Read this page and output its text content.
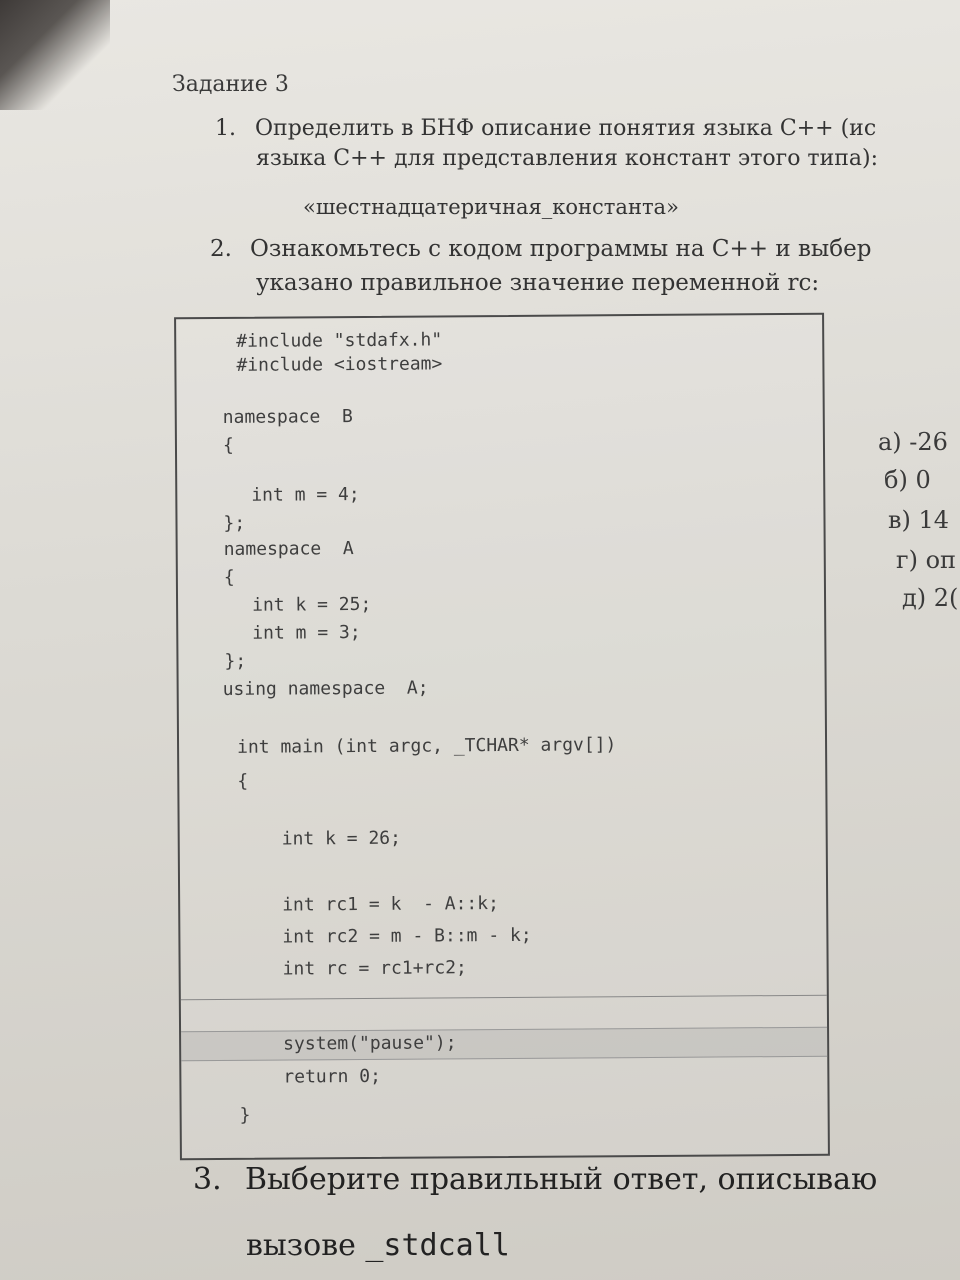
Задание 3
1. Определить в БНФ описание понятия языка С++ (ис
языка С++ для представления констант этого типа):
«шестнадцатеричная_константа»
2. Ознакомьтесь с кодом программы на С++ и выбер
указано правильное значение переменной rc:
#include "stdafx.h"
#include <iostream>
namespace  B
{
int m = 4;
};
namespace  A
{
int k = 25;
int m = 3;
};
using namespace  A;
int main (int argc, _TCHAR* argv[])
{
int k = 26;
int rc1 = k  - A::k;
int rc2 = m - B::m - k;
int rc = rc1+rc2;
system("pause");
return 0;
}
а) -26
б) 0
в) 14
г) оп
д) 2(
3. Выберите правильный ответ, описываю
вызове _stdcall
